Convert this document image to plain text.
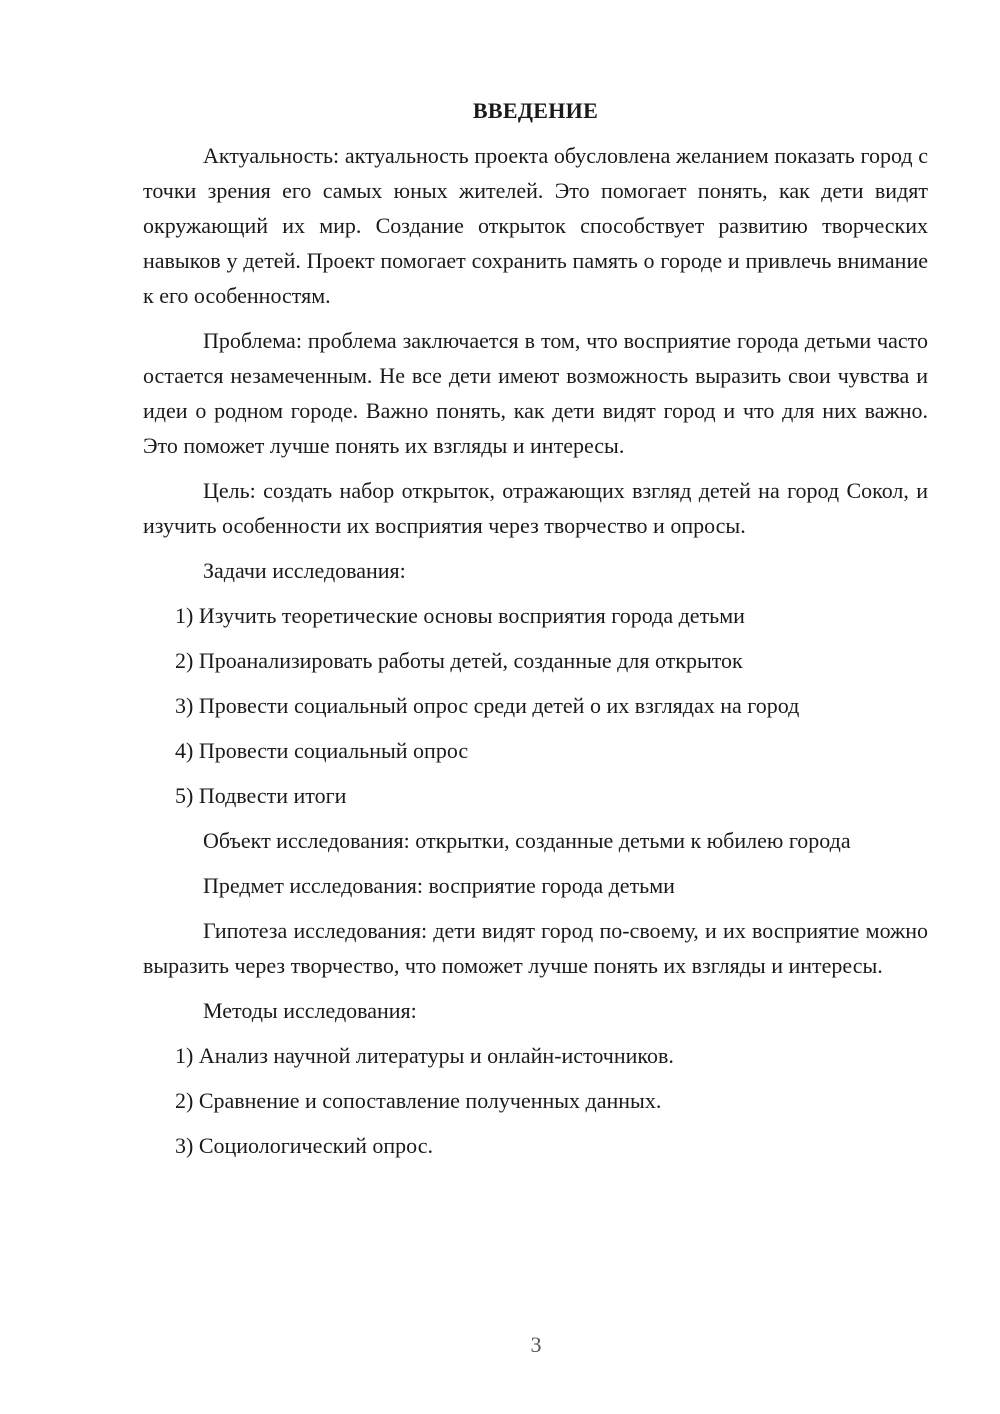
ВВЕДЕНИЕ

Актуальность: актуальность проекта обусловлена желанием показать город с точки зрения его самых юных жителей. Это помогает понять, как дети видят окружающий их мир. Создание открыток способствует развитию творческих навыков у детей. Проект помогает сохранить память о городе и привлечь внимание к его особенностям.

Проблема: проблема заключается в том, что восприятие города детьми часто остается незамеченным. Не все дети имеют возможность выразить свои чувства и идеи о родном городе. Важно понять, как дети видят город и что для них важно. Это поможет лучше понять их взгляды и интересы.

Цель: создать набор открыток, отражающих взгляд детей на город Сокол, и изучить особенности их восприятия через творчество и опросы.

Задачи исследования:

1) Изучить теоретические основы восприятия города детьми
2) Проанализировать работы детей, созданные для открыток
3) Провести социальный опрос среди детей о их взглядах на город
4) Провести социальный опрос
5) Подвести итоги

Объект исследования: открытки, созданные детьми к юбилею города

Предмет исследования: восприятие города детьми

Гипотеза исследования: дети видят город по-своему, и их восприятие можно выразить через творчество, что поможет лучше понять их взгляды и интересы.

Методы исследования:

1) Анализ научной литературы и онлайн-источников.
2) Сравнение и сопоставление полученных данных.
3) Социологический опрос.
3
